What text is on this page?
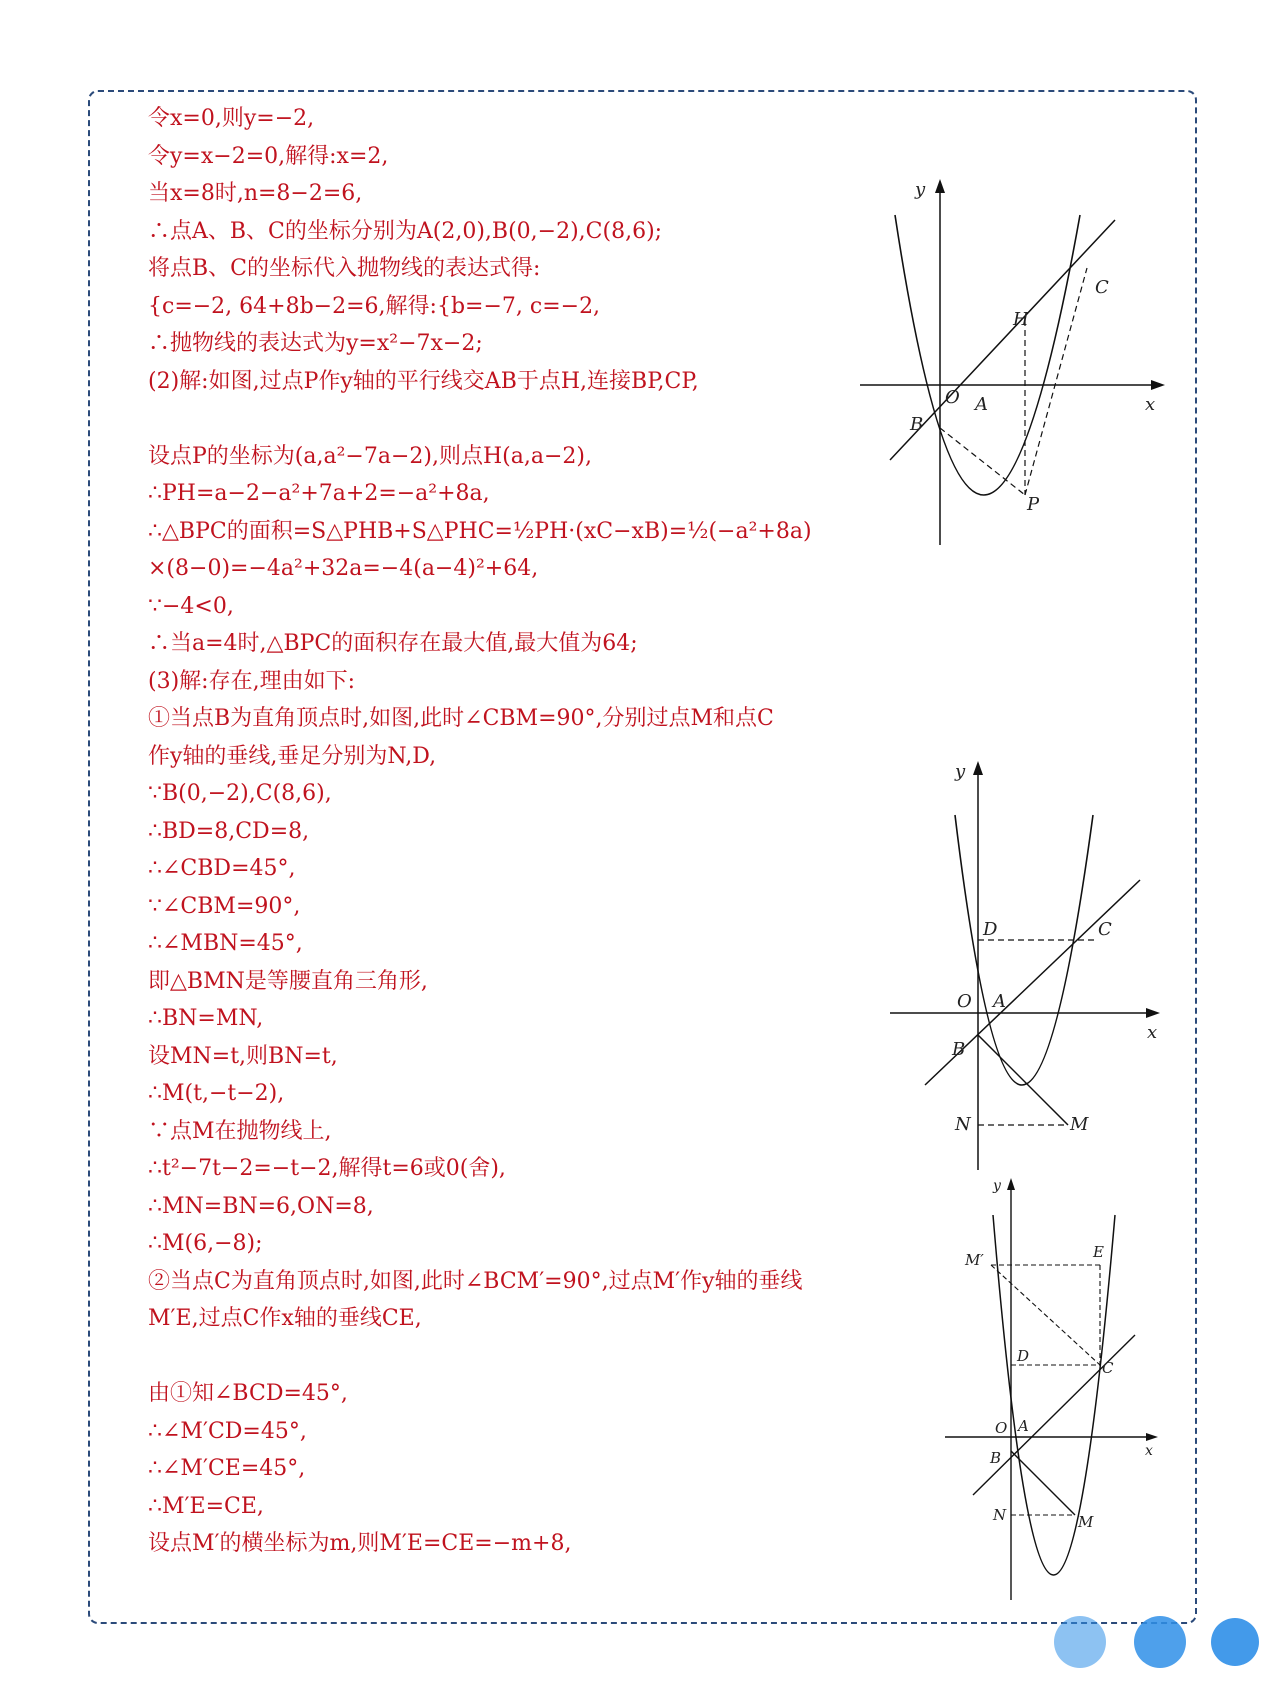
令x=0,则y=−2,
令y=x−2=0,解得:x=2,
当x=8时,n=8−2=6,
∴点A、B、C的坐标分别为A(2,0),B(0,−2),C(8,6);
将点B、C的坐标代入抛物线的表达式得:
{c=−2, 64+8b−2=6,解得:{b=−7, c=−2,
∴抛物线的表达式为y=x²−7x−2;
(2)解:如图,过点P作y轴的平行线交AB于点H,连接BP,CP,
设点P的坐标为(a,a²−7a−2),则点H(a,a−2),
∴PH=a−2−a²+7a+2=−a²+8a,
∴△BPC的面积=S△PHB+S△PHC=½PH·(xC−xB)=½(−a²+8a)
×(8−0)=−4a²+32a=−4(a−4)²+64,
∵−4<0,
∴当a=4时,△BPC的面积存在最大值,最大值为64;
(3)解:存在,理由如下:
①当点B为直角顶点时,如图,此时∠CBM=90°,分别过点M和点C
作y轴的垂线,垂足分别为N,D,
∵B(0,−2),C(8,6),
∴BD=8,CD=8,
∴∠CBD=45°,
∵∠CBM=90°,
∴∠MBN=45°,
即△BMN是等腰直角三角形,
∴BN=MN,
设MN=t,则BN=t,
∴M(t,−t−2),
∵点M在抛物线上,
∴t²−7t−2=−t−2,解得t=6或0(舍),
∴MN=BN=6,ON=8,
∴M(6,−8);
②当点C为直角顶点时,如图,此时∠BCM′=90°,过点M′作y轴的垂线
M′E,过点C作x轴的垂线CE,
由①知∠BCD=45°,
∴∠M′CD=45°,
∴∠M′CE=45°,
∴M′E=CE,
设点M′的横坐标为m,则M′E=CE=−m+8,
y
x
O A
B
C
H
P
y
x
O A
B
C
D
N	M
y
x
O A
B
C
D
N	M
M′	E
